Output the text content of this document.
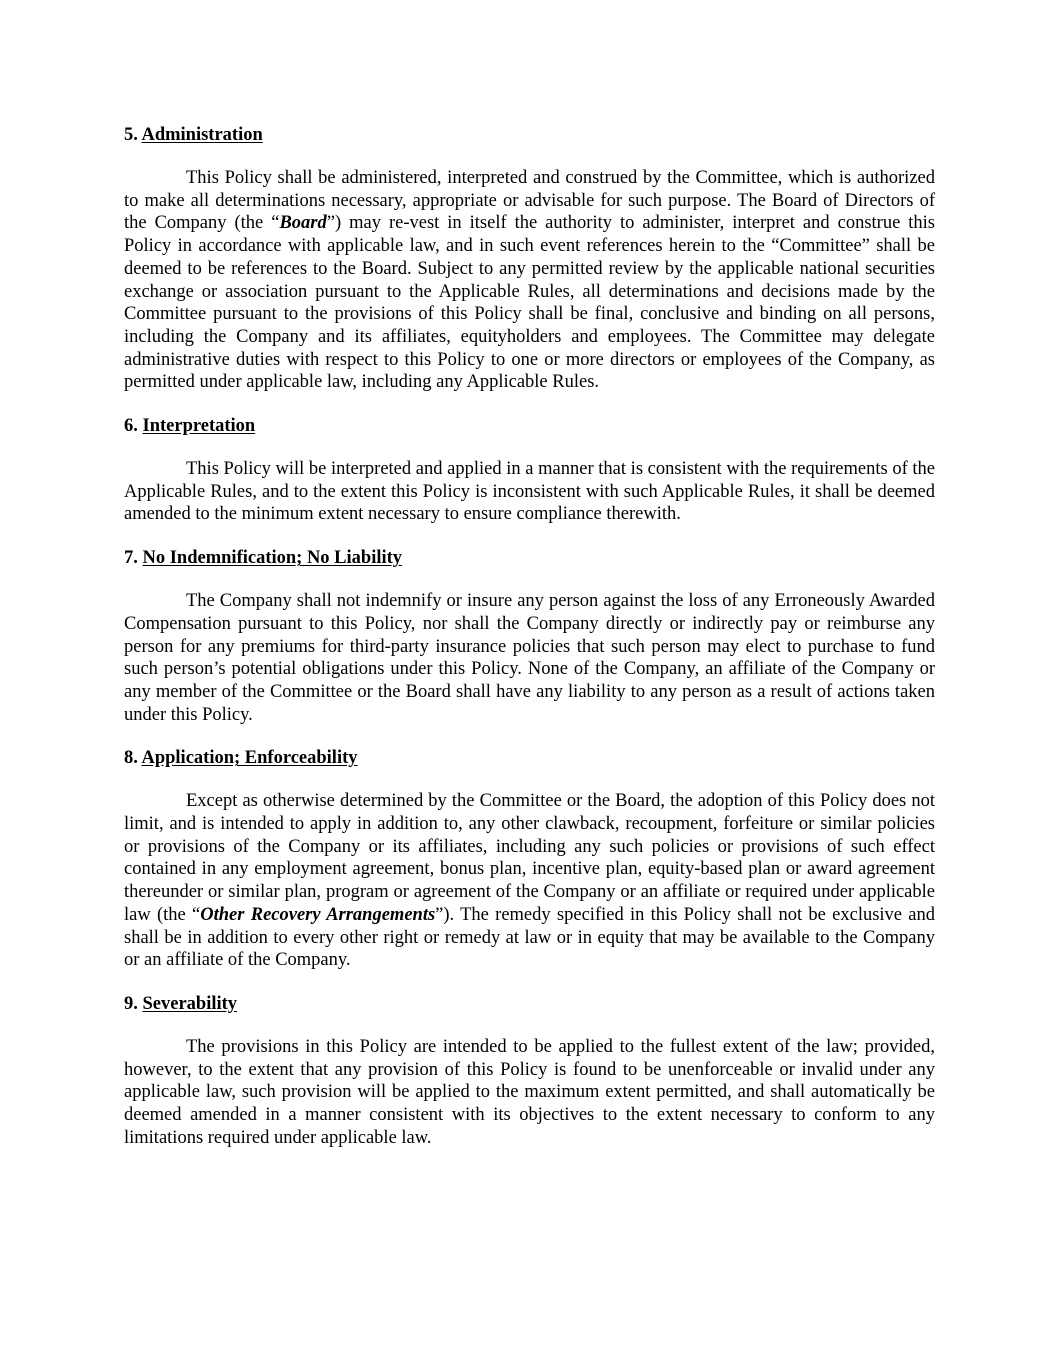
5. Administration

This Policy shall be administered, interpreted and construed by the Committee, which is authorized to make all determinations necessary, appropriate or advisable for such purpose. The Board of Directors of the Company (the “Board”) may re-vest in itself the authority to administer, interpret and construe this Policy in accordance with applicable law, and in such event references herein to the “Committee” shall be deemed to be references to the Board. Subject to any permitted review by the applicable national securities exchange or association pursuant to the Applicable Rules, all determinations and decisions made by the Committee pursuant to the provisions of this Policy shall be final, conclusive and binding on all persons, including the Company and its affiliates, equityholders and employees. The Committee may delegate administrative duties with respect to this Policy to one or more directors or employees of the Company, as permitted under applicable law, including any Applicable Rules.

6. Interpretation

This Policy will be interpreted and applied in a manner that is consistent with the requirements of the Applicable Rules, and to the extent this Policy is inconsistent with such Applicable Rules, it shall be deemed amended to the minimum extent necessary to ensure compliance therewith.

7. No Indemnification; No Liability

The Company shall not indemnify or insure any person against the loss of any Erroneously Awarded Compensation pursuant to this Policy, nor shall the Company directly or indirectly pay or reimburse any person for any premiums for third-party insurance policies that such person may elect to purchase to fund such person’s potential obligations under this Policy. None of the Company, an affiliate of the Company or any member of the Committee or the Board shall have any liability to any person as a result of actions taken under this Policy.

8. Application; Enforceability

Except as otherwise determined by the Committee or the Board, the adoption of this Policy does not limit, and is intended to apply in addition to, any other clawback, recoupment, forfeiture or similar policies or provisions of the Company or its affiliates, including any such policies or provisions of such effect contained in any employment agreement, bonus plan, incentive plan, equity-based plan or award agreement thereunder or similar plan, program or agreement of the Company or an affiliate or required under applicable law (the “Other Recovery Arrangements”). The remedy specified in this Policy shall not be exclusive and shall be in addition to every other right or remedy at law or in equity that may be available to the Company or an affiliate of the Company.

9. Severability

The provisions in this Policy are intended to be applied to the fullest extent of the law; provided, however, to the extent that any provision of this Policy is found to be unenforceable or invalid under any applicable law, such provision will be applied to the maximum extent permitted, and shall automatically be deemed amended in a manner consistent with its objectives to the extent necessary to conform to any limitations required under applicable law.
